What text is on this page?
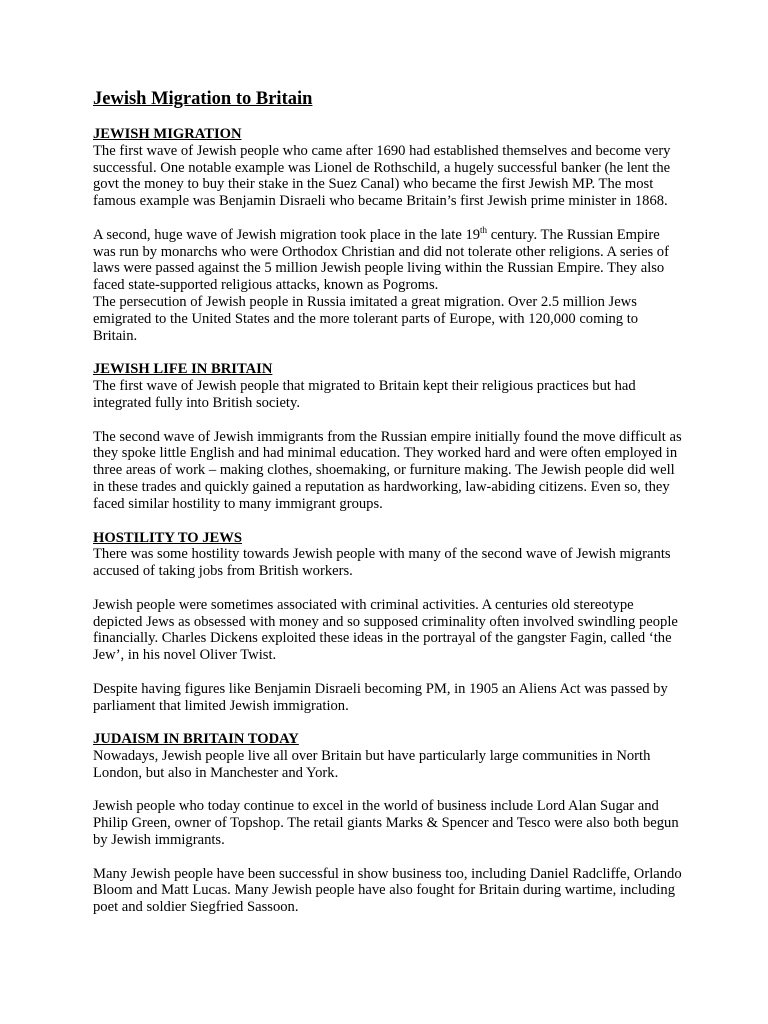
Jewish Migration to Britain
JEWISH MIGRATION

The first wave of Jewish people who came after 1690 had established themselves and become very successful. One notable example was Lionel de Rothschild, a hugely successful banker (he lent the govt the money to buy their stake in the Suez Canal) who became the first Jewish MP. The most famous example was Benjamin Disraeli who became Britain’s first Jewish prime minister in 1868.

A second, huge wave of Jewish migration took place in the late 19th century. The Russian Empire was run by monarchs who were Orthodox Christian and did not tolerate other religions. A series of laws were passed against the 5 million Jewish people living within the Russian Empire. They also faced state-supported religious attacks, known as Pogroms.

The persecution of Jewish people in Russia imitated a great migration. Over 2.5 million Jews emigrated to the United States and the more tolerant parts of Europe, with 120,000 coming to Britain.

JEWISH LIFE IN BRITAIN

The first wave of Jewish people that migrated to Britain kept their religious practices but had integrated fully into British society.

The second wave of Jewish immigrants from the Russian empire initially found the move difficult as they spoke little English and had minimal education. They worked hard and were often employed in three areas of work – making clothes, shoemaking, or furniture making. The Jewish people did well in these trades and quickly gained a reputation as hardworking, law-abiding citizens. Even so, they faced similar hostility to many immigrant groups.

HOSTILITY TO JEWS

There was some hostility towards Jewish people with many of the second wave of Jewish migrants accused of taking jobs from British workers.

Jewish people were sometimes associated with criminal activities. A centuries old stereotype depicted Jews as obsessed with money and so supposed criminality often involved swindling people financially. Charles Dickens exploited these ideas in the portrayal of the gangster Fagin, called ‘the Jew’, in his novel Oliver Twist.

Despite having figures like Benjamin Disraeli becoming PM, in 1905 an Aliens Act was passed by parliament that limited Jewish immigration.

JUDAISM IN BRITAIN TODAY

Nowadays, Jewish people live all over Britain but have particularly large communities in North London, but also in Manchester and York.

Jewish people who today continue to excel in the world of business include Lord Alan Sugar and Philip Green, owner of Topshop. The retail giants Marks & Spencer and Tesco were also both begun by Jewish immigrants.

Many Jewish people have been successful in show business too, including Daniel Radcliffe, Orlando Bloom and Matt Lucas. Many Jewish people have also fought for Britain during wartime, including poet and soldier Siegfried Sassoon.
